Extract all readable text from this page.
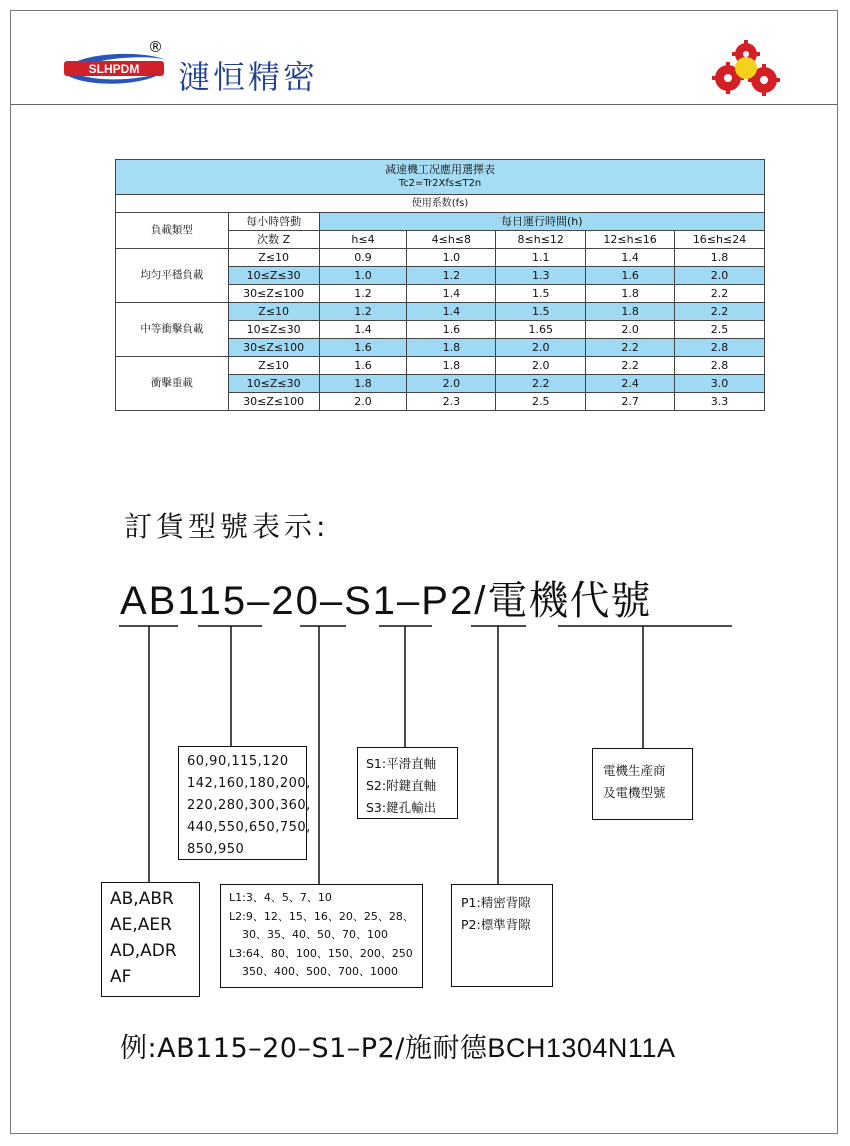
SLHPDM
®
漣恒精密
减速機工况應用選擇表
Tc2=Tr2Xfs≤T2n						

使用系数(fs)						
負載類型	每小時啓動	每日運行時間(h)				
	次数 Z	h≤4	4≤h≤8	8≤h≤12	12≤h≤16	16≤h≤24
均匀平穩負載	Z≤10	0.9	1.0	1.1	1.4	1.8
	10≤Z≤30	1.0	1.2	1.3	1.6	2.0
	30≤Z≤100	1.2	1.4	1.5	1.8	2.2
中等衝擊負載	Z≤10	1.2	1.4	1.5	1.8	2.2
	10≤Z≤30	1.4	1.6	1.65	2.0	2.5
	30≤Z≤100	1.6	1.8	2.0	2.2	2.8
衝擊重載	Z≤10	1.6	1.8	2.0	2.2	2.8
	10≤Z≤30	1.8	2.0	2.2	2.4	3.0
	30≤Z≤100	2.0	2.3	2.5	2.7	3.3
訂貨型號表示:
AB115–20–S1–P2/電機代號
60,90,115,120
142,160,180,200,
220,280,300,360,
440,550,650,750,
850,950
S1:平滑直軸
S2:附鍵直軸
S3:鍵孔輸出
電機生產商
及電機型號
AB,ABR
AE,AER
AD,ADR
AF
L1:3、4、5、7、10
L2:9、12、15、16、20、25、28、
30、35、40、50、70、100
L3:64、80、100、150、200、250
350、400、500、700、1000
P1:精密背隙
P2:標準背隙
例:AB115–20–S1–P2/施耐德BCH1304N11A
